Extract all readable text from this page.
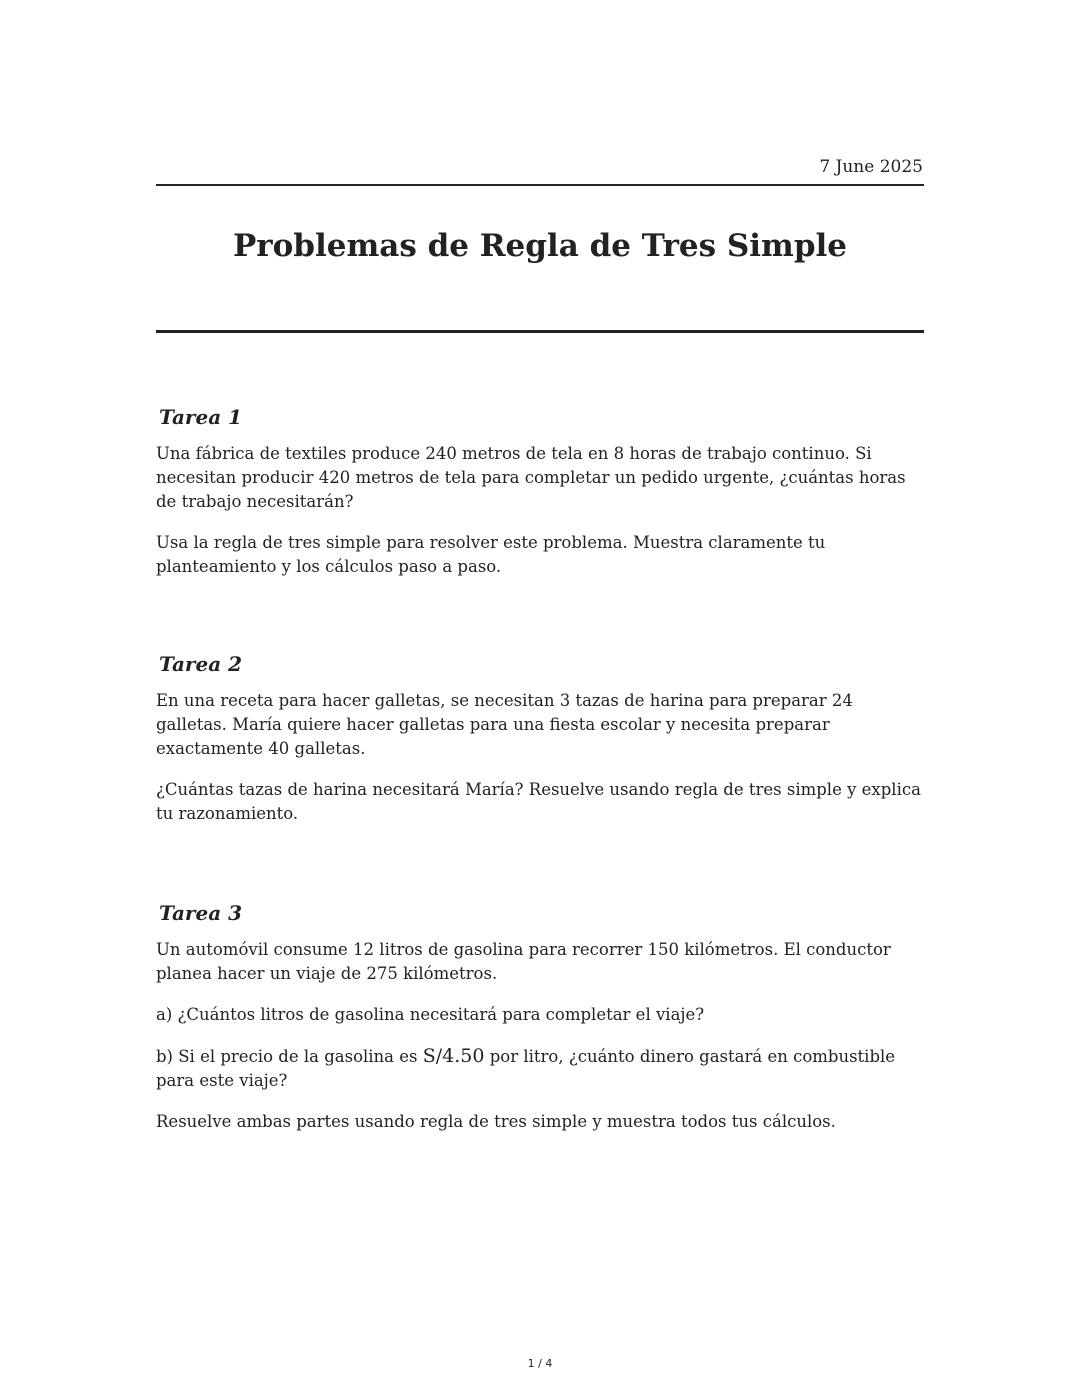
7 June 2025
Problemas de Regla de Tres Simple
Tarea 1

Una fábrica de textiles produce 240 metros de tela en 8 horas de trabajo continuo. Si necesitan producir 420 metros de tela para completar un pedido urgente, ¿cuántas horas de trabajo necesitarán?

Usa la regla de tres simple para resolver este problema. Muestra claramente tu planteamiento y los cálculos paso a paso.

Tarea 2

En una receta para hacer galletas, se necesitan 3 tazas de harina para preparar 24 galletas. María quiere hacer galletas para una fiesta escolar y necesita preparar exactamente 40 galletas.

¿Cuántas tazas de harina necesitará María? Resuelve usando regla de tres simple y explica tu razonamiento.

Tarea 3

Un automóvil consume 12 litros de gasolina para recorrer 150 kilómetros. El conductor planea hacer un viaje de 275 kilómetros.

a) ¿Cuántos litros de gasolina necesitará para completar el viaje?

b) Si el precio de la gasolina es S/4.50 por litro, ¿cuánto dinero gastará en combustible para este viaje?

Resuelve ambas partes usando regla de tres simple y muestra todos tus cálculos.

1 / 4
